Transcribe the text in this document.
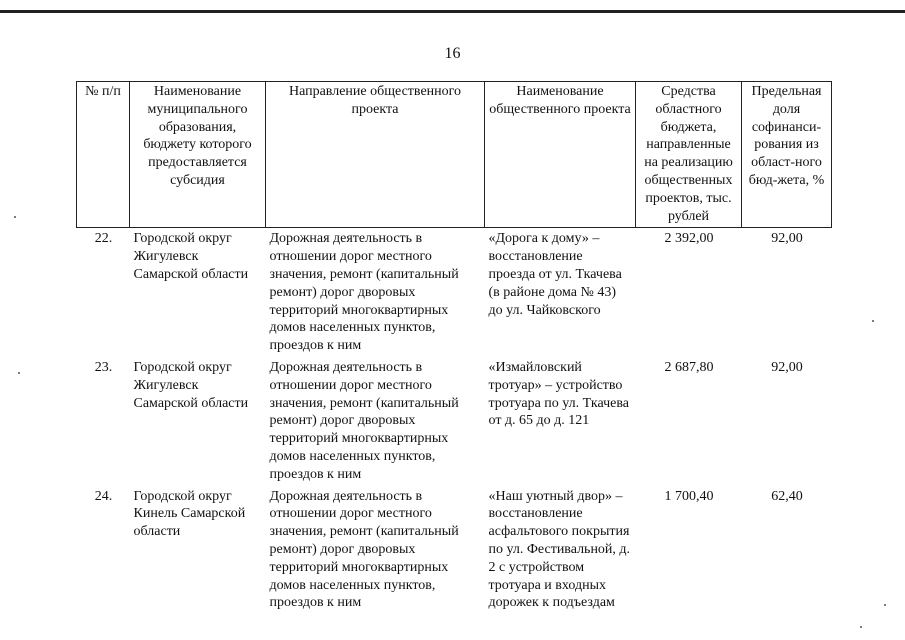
16
№ п/п	Наименование муниципального образования, бюджету которого предоставляется субсидия	Направление общественного проекта	Наименование общественного проекта	Средства областного бюджета, направленные на реализацию общественных проектов, тыс. рублей	Предельная доля софинанси-рования из област-ного бюд-жета, %
22.	Городской округ Жигулевск Самарской области	Дорожная деятельность в отношении дорог местного значения, ремонт (капитальный ремонт) дорог дворовых территорий многоквартирных домов населенных пунктов, проездов к ним	«Дорога к дому» – восстановление проезда от ул. Ткачева (в районе дома № 43) до ул. Чайковского	2 392,00	92,00
23.	Городской округ Жигулевск Самарской области	Дорожная деятельность в отношении дорог местного значения, ремонт (капитальный ремонт) дорог дворовых территорий многоквартирных домов населенных пунктов, проездов к ним	«Измайловский тротуар» – устройство тротуара по ул. Ткачева от д. 65 до д. 121	2 687,80	92,00
24.	Городской округ Кинель Самарской области	Дорожная деятельность в отношении дорог местного значения, ремонт (капитальный ремонт) дорог дворовых территорий многоквартирных домов населенных пунктов, проездов к ним	«Наш уютный двор» – восстановление асфальтового покрытия по ул. Фестивальной, д. 2 с устройством тротуара и входных дорожек к подъездам	1 700,40	62,40
